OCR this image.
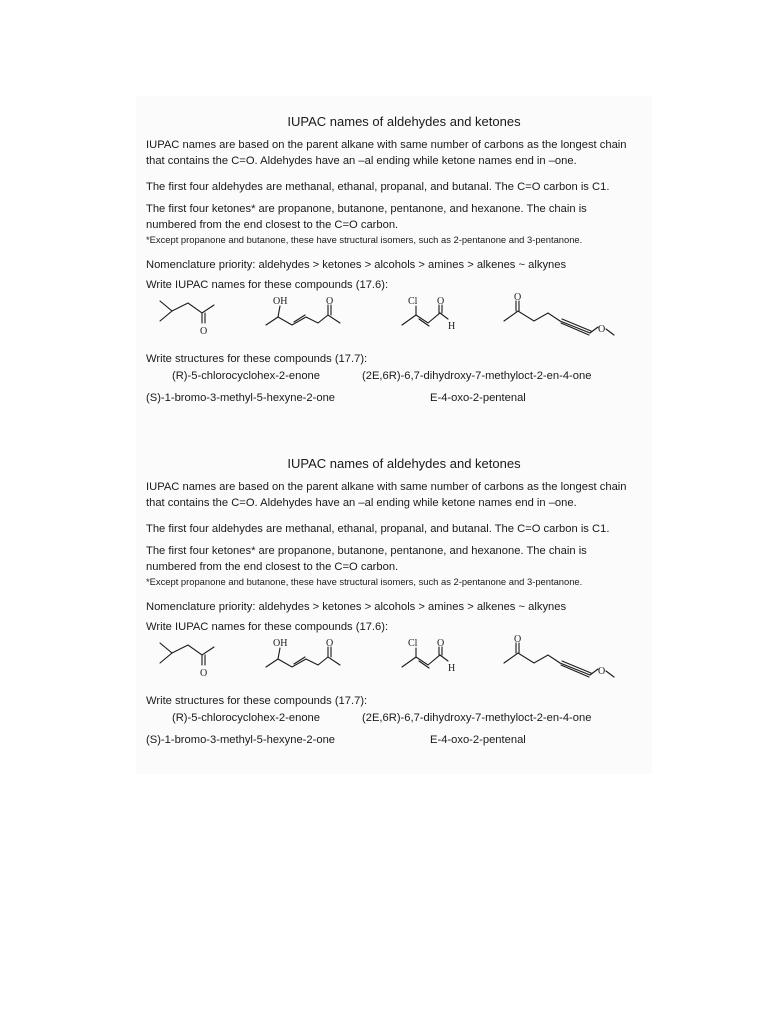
IUPAC names of aldehydes and ketones

IUPAC names are based on the parent alkane with same number of carbons as the longest chain

that contains the C=O. Aldehydes have an –al ending while ketone names end in –one.

The first four aldehydes are methanal, ethanal, propanal, and butanal. The C=O carbon is C1.

The first four ketones* are propanone, butanone, pentanone, and hexanone. The chain is

numbered from the end closest to the C=O carbon.

*Except propanone and butanone, these have structural isomers, such as 2-pentanone and 3-pentanone.

Nomenclature priority: aldehydes > ketones > alcohols > amines > alkenes ~ alkynes

Write IUPAC names for these compounds (17.6):

O
OH	O	Cl O
H
O
O

Write structures for these compounds (17.7):

(R)-5-chlorocyclohex-2-enone	(2E,6R)-6,7-dihydroxy-7-methyloct-2-en-4-one
(S)-1-bromo-3-methyl-5-hexyne-2-one	E-4-oxo-2-pentenal

IUPAC names of aldehydes and ketones

IUPAC names are based on the parent alkane with same number of carbons as the longest chain

that contains the C=O. Aldehydes have an –al ending while ketone names end in –one.

The first four aldehydes are methanal, ethanal, propanal, and butanal. The C=O carbon is C1.

The first four ketones* are propanone, butanone, pentanone, and hexanone. The chain is

numbered from the end closest to the C=O carbon.

*Except propanone and butanone, these have structural isomers, such as 2-pentanone and 3-pentanone.

Nomenclature priority: aldehydes > ketones > alcohols > amines > alkenes ~ alkynes

Write IUPAC names for these compounds (17.6):

O
OH	O	Cl O
H
O
O

Write structures for these compounds (17.7):

(R)-5-chlorocyclohex-2-enone	(2E,6R)-6,7-dihydroxy-7-methyloct-2-en-4-one
(S)-1-bromo-3-methyl-5-hexyne-2-one	E-4-oxo-2-pentenal
